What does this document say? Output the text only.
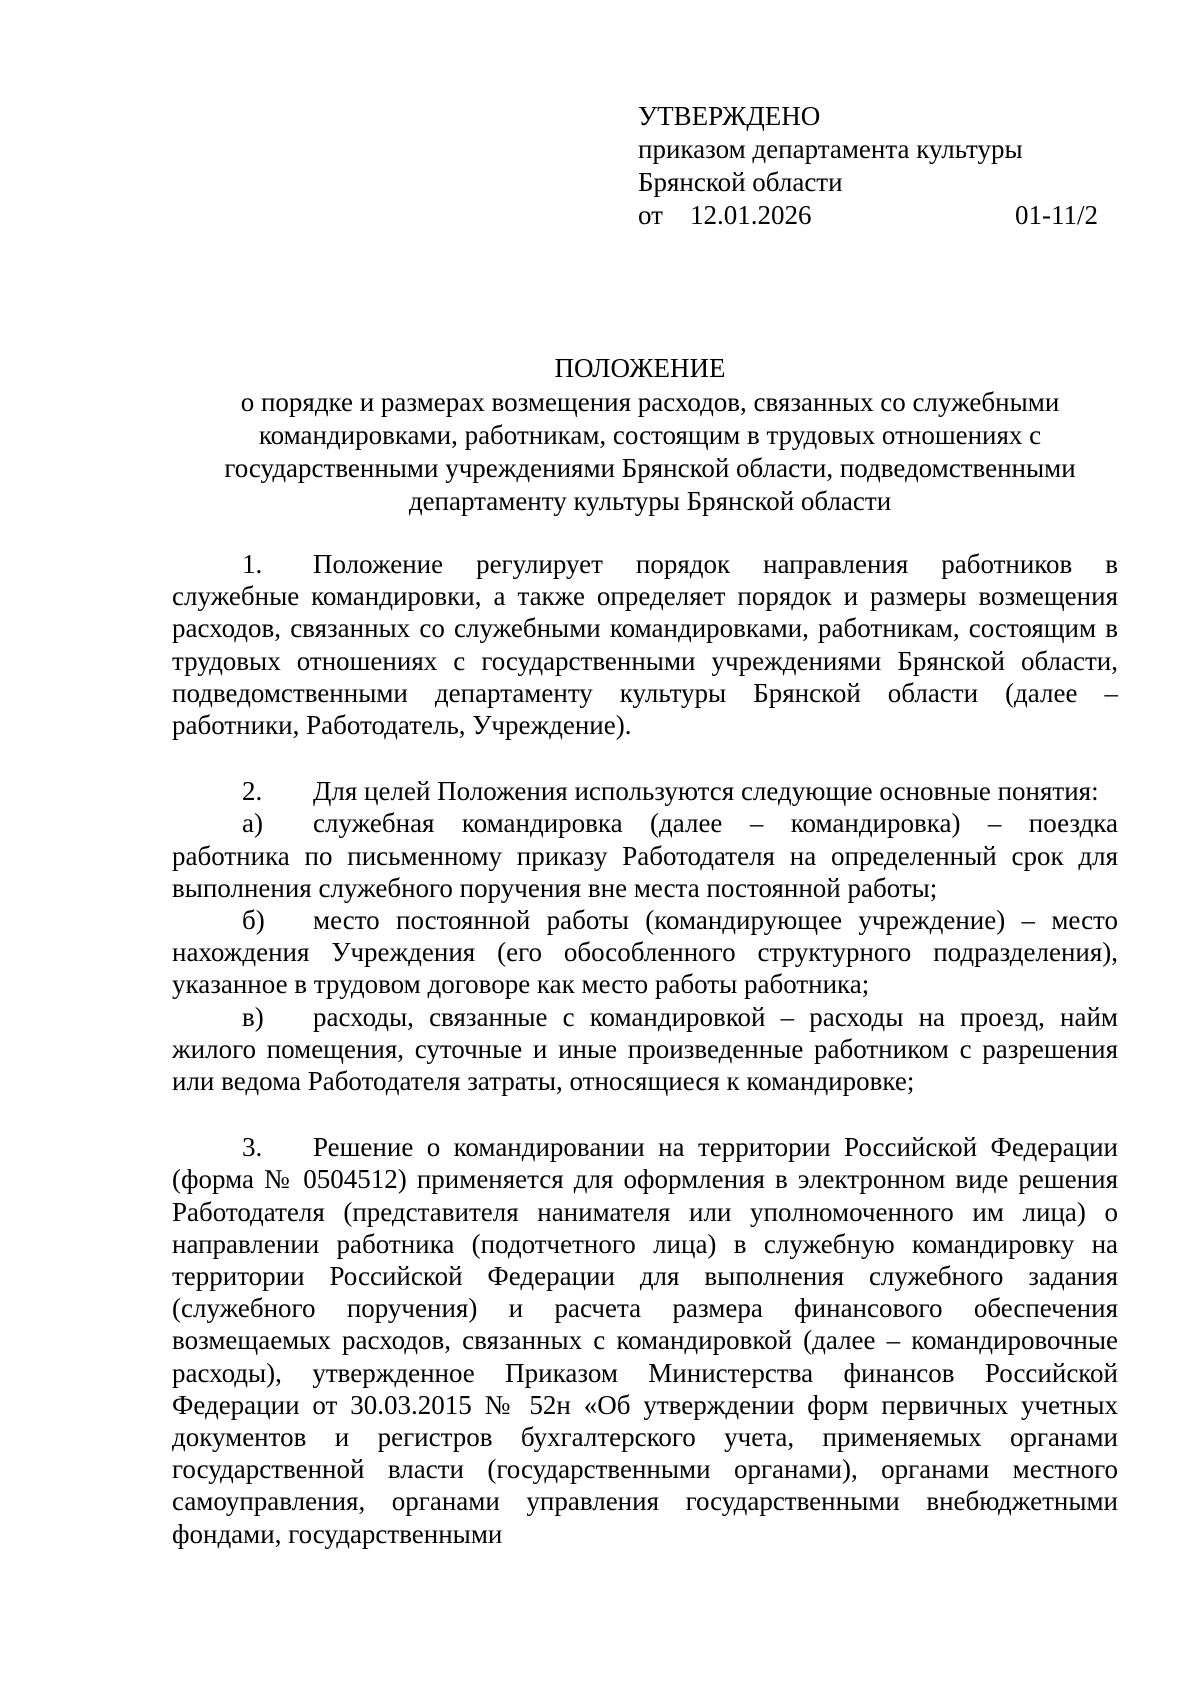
УТВЕРЖДЕНО
приказом департамента культуры
Брянской области
от 12.01.2026	01-11/2
ПОЛОЖЕНИЕ
о порядке и размерах возмещения расходов, связанных со служебными командировками, работникам, состоящим в трудовых отношениях с государственными учреждениями Брянской области, подведомственными департаменту культуры Брянской области

1. Положение регулирует порядок направления работников в служебные командировки, а также определяет порядок и размеры возмещения расходов, связанных со служебными командировками, работникам, состоящим в трудовых отношениях с государственными учреждениями Брянской области, подведомственными департаменту культуры Брянской области (далее – работники, Работодатель, Учреждение).

2. Для целей Положения используются следующие основные понятия:

а) служебная командировка (далее – командировка) – поездка работника по письменному приказу Работодателя на определенный срок для выполнения служебного поручения вне места постоянной работы;

б) место постоянной работы (командирующее учреждение) – место нахождения Учреждения (его обособленного структурного подразделения), указанное в трудовом договоре как место работы работника;

в) расходы, связанные с командировкой – расходы на проезд, найм жилого помещения, суточные и иные произведенные работником с разрешения или ведома Работодателя затраты, относящиеся к командировке;

3. Решение о командировании на территории Российской Федерации (форма № 0504512) применяется для оформления в электронном виде решения Работодателя (представителя нанимателя или уполномоченного им лица) о направлении работника (подотчетного лица) в служебную командировку на территории Российской Федерации для выполнения служебного задания (служебного поручения) и расчета размера финансового обеспечения возмещаемых расходов, связанных с командировкой (далее – командировочные расходы), утвержденное Приказом Министерства финансов Российской Федерации от 30.03.2015 № 52н «Об утверждении форм первичных учетных документов и регистров бухгалтерского учета, применяемых органами государственной власти (государственными органами), органами местного самоуправления, органами управления государственными внебюджетными фондами, государственными
